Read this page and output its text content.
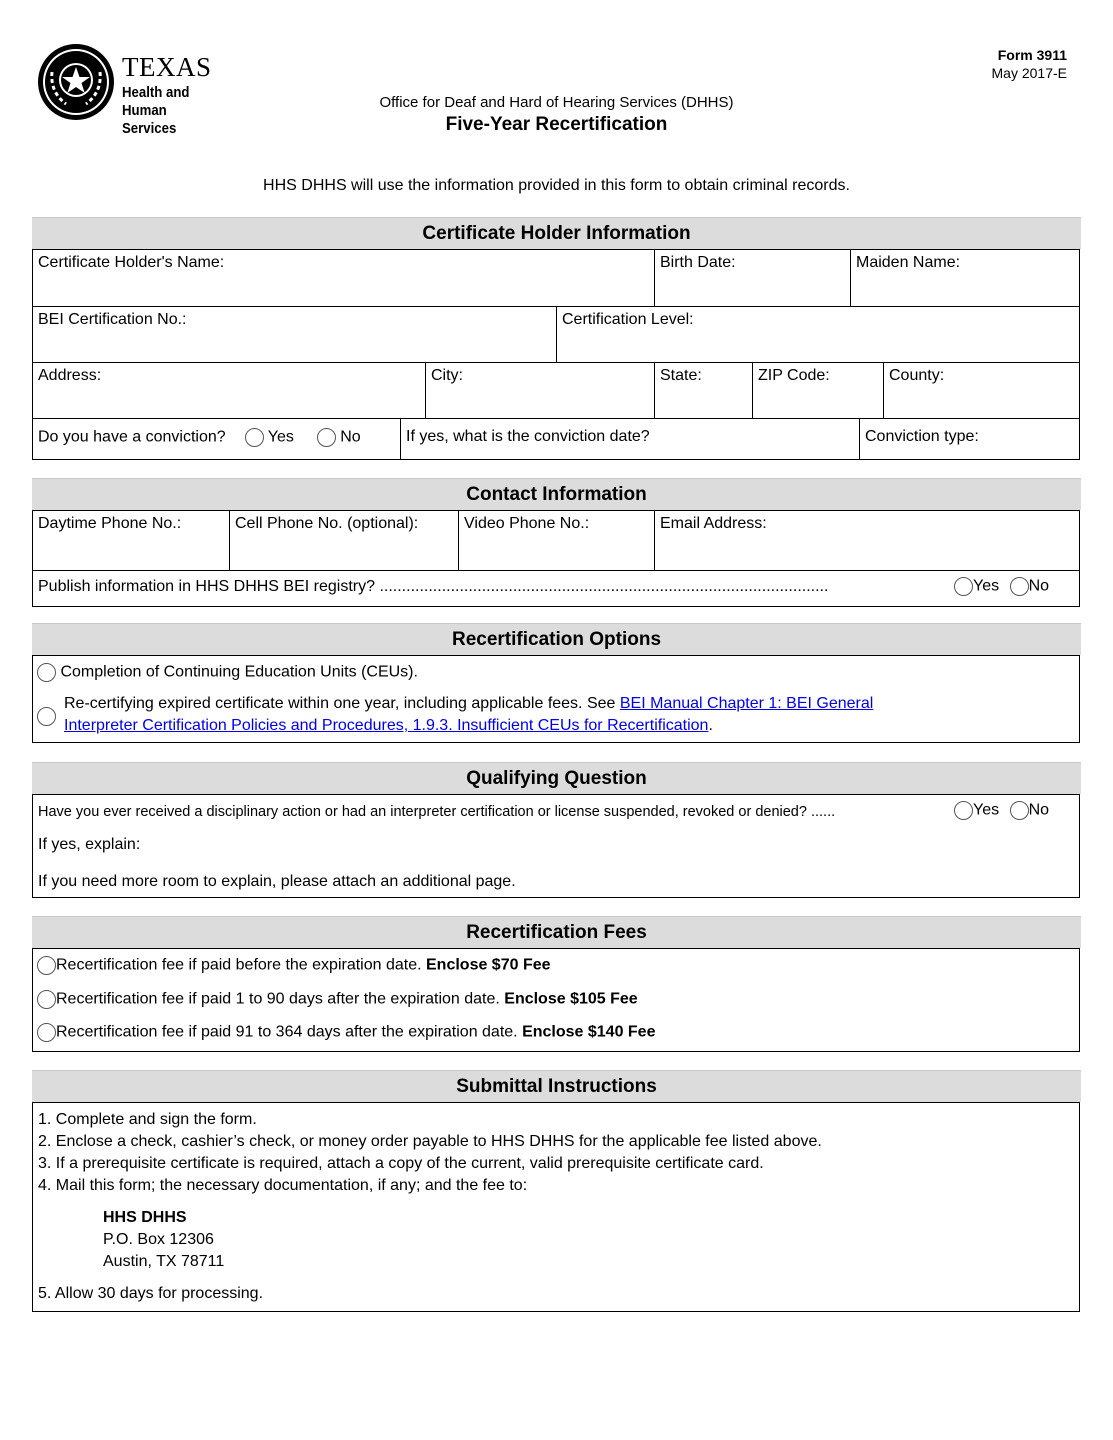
TEXAS
Health and Human
Services
Form 3911
May 2017-E
Office for Deaf and Hard of Hearing Services (DHHS)
Five-Year Recertification
HHS DHHS will use the information provided in this form to obtain criminal records.
Certificate Holder Information
Certificate Holder's Name:	Birth Date:	Maiden Name:
BEI Certification No.:	Certification Level:
Address:	City:	State:	ZIP Code:	County:
Do you have a conviction?	Yes	No	If yes, what is the conviction date?	Conviction type:
Contact Information
Daytime Phone No.:	Cell Phone No. (optional):	Video Phone No.:	Email Address:
Publish information in HHS DHHS BEI registry? .....................................................................................................	Yes No
Recertification Options
Completion of Continuing Education Units (CEUs).
Re-certifying expired certificate within one year, including applicable fees. See BEI Manual Chapter 1: BEI General
Interpreter Certification Policies and Procedures, 1.9.3. Insufficient CEUs for Recertification.
Qualifying Question
Have you ever received a disciplinary action or had an interpreter certification or license suspended, revoked or denied? ......	Yes No
If yes, explain:
If you need more room to explain, please attach an additional page.
Recertification Fees
Recertification fee if paid before the expiration date. Enclose $70 Fee
Recertification fee if paid 1 to 90 days after the expiration date. Enclose $105 Fee
Recertification fee if paid 91 to 364 days after the expiration date. Enclose $140 Fee
Submittal Instructions
1. Complete and sign the form.
2. Enclose a check, cashier’s check, or money order payable to HHS DHHS for the applicable fee listed above.
3. If a prerequisite certificate is required, attach a copy of the current, valid prerequisite certificate card.
4. Mail this form; the necessary documentation, if any; and the fee to:
HHS DHHS
P.O. Box 12306
Austin, TX 78711
5. Allow 30 days for processing.
